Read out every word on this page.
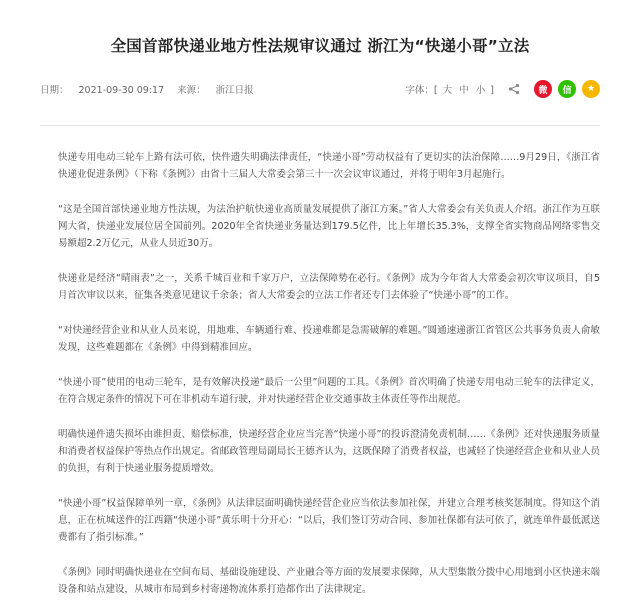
全国首部快递业地方性法规审议通过 浙江为“快递小哥”立法
日期： 2021-09-30 09:17 来源： 浙江日报	字体：[ 大 中 小 ]	微	信	★

快递专用电动三轮车上路有法可依，快件遗失明确法律责任，“快递小哥”劳动权益有了更切实的法治保障……9月29日，《浙江省快递业促进条例》（下称《条例》）由省十三届人大常委会第三十一次会议审议通过，并将于明年3月起施行。

“这是全国首部快递业地方性法规，为法治护航快递业高质量发展提供了浙江方案。”省人大常委会有关负责人介绍。浙江作为互联网大省，快递业发展位居全国前列。2020年全省快递业务量达到179.5亿件，比上年增长35.3%，支撑全省实物商品网络零售交易额超2.2万亿元，从业人员近30万。

快递业是经济“晴雨表”之一，关系千城百业和千家万户，立法保障势在必行。《条例》成为今年省人大常委会初次审议项目，自5月首次审议以来，征集各类意见建议千余条；省人大常委会的立法工作者还专门去体验了“快递小哥”的工作。

“对快递经营企业和从业人员来说，用地难、车辆通行难、投递难都是急需破解的难题。”圆通速递浙江省管区公共事务负责人俞敏发现，这些难题都在《条例》中得到精准回应。

“快递小哥”使用的电动三轮车，是有效解决投递“最后一公里”问题的工具。《条例》首次明确了快递专用电动三轮车的法律定义，在符合规定条件的情况下可在非机动车道行驶，并对快递经营企业交通事故主体责任等作出规范。

明确快递件遗失损坏由谁担责、赔偿标准，快递经营企业应当完善“快递小哥”的投诉澄清免责机制……《条例》还对快递服务质量和消费者权益保护等热点作出规定。省邮政管理局副局长王德齐认为，这既保障了消费者权益，也减轻了快递经营企业和从业人员的负担，有利于快递业服务提质增效。

“快递小哥”权益保障单列一章，《条例》从法律层面明确快递经营企业应当依法参加社保，并建立合理考核奖惩制度。得知这个消息，正在杭城送件的江西籍“快递小哥”黄乐明十分开心：“以后，我们签订劳动合同、参加社保都有法可依了，就连单件最低派送费都有了指引标准。”

《条例》同时明确快递业在空间布局、基础设施建设、产业融合等方面的发展要求保障，从大型集散分拨中心用地到小区快递末端设备和站点建设，从城市布局到乡村寄递物流体系打造都作出了法律规定。
